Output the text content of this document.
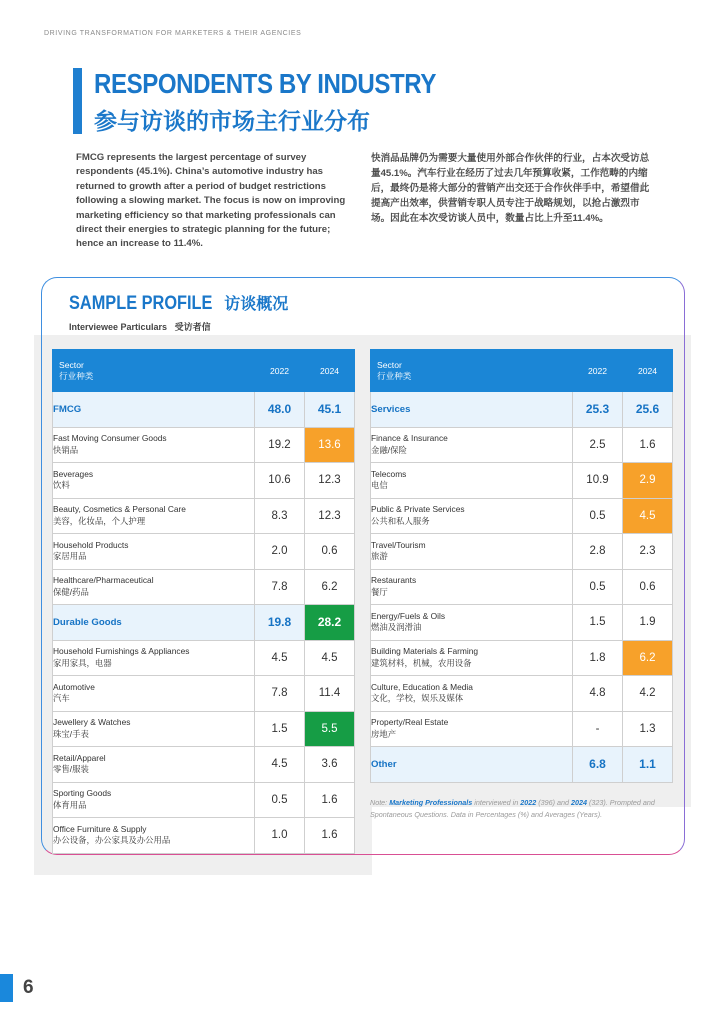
DRIVING TRANSFORMATION FOR MARKETERS & THEIR AGENCIES
RESPONDENTS BY INDUSTRY
参与访谈的市场主行业分布
FMCG represents the largest percentage of survey respondents (45.1%). China’s automotive industry has returned to growth after a period of budget restrictions following a slowing market. The focus is now on improving marketing efficiency so that marketing professionals can direct their energies to strategic planning for the future; hence an increase to 11.4%.
快消品品牌仍为需要大量使用外部合作伙伴的行业，占本次受访总量45.1%。汽车行业在经历了过去几年预算收紧，工作范畴的内缩后，最终仍是将大部分的营销产出交还于合作伙伴手中，希望借此提高产出效率，供营销专职人员专注于战略规划，以抢占激烈市场。因此在本次受访谈人员中，数量占比上升至11.4%。
SAMPLE PROFILE 访谈概况
Interviewee Particulars 受访者信
Sector
行业种类	2022	2024
FMCG	48.0	45.1
Fast Moving Consumer Goods
快销品	19.2	13.6
Beverages
饮料	10.6	12.3
Beauty, Cosmetics & Personal Care
美容，化妆品，个人护理	8.3	12.3
Household Products
家居用品	2.0	0.6
Healthcare/Pharmaceutical
保健/药品	7.8	6.2
Durable Goods	19.8	28.2
Household Furnishings & Appliances
家用家具，电器	4.5	4.5
Automotive
汽车	7.8	11.4
Jewellery & Watches
珠宝/手表	1.5	5.5
Retail/Apparel
零售/服装	4.5	3.6
Sporting Goods
体育用品	0.5	1.6
Office Furniture & Supply
办公设备，办公家具及办公用品	1.0	1.6
Sector
行业种类	2022	2024
Services	25.3	25.6
Finance & Insurance
金融/保险	2.5	1.6
Telecoms
电信	10.9	2.9
Public & Private Services
公共和私人服务	0.5	4.5
Travel/Tourism
旅游	2.8	2.3
Restaurants
餐厅	0.5	0.6
Energy/Fuels & Oils
燃油及润滑油	1.5	1.9
Building Materials & Farming
建筑材料，机械，农用设备	1.8	6.2
Culture, Education & Media
文化，学校，娱乐及媒体	4.8	4.2
Property/Real Estate
房地产	-	1.3
Other	6.8	1.1
Note: Marketing Professionals interviewed in 2022 (396) and 2024 (323). Prompted and Spontaneous Questions. Data in Percentages (%) and Averages (Years).
6
